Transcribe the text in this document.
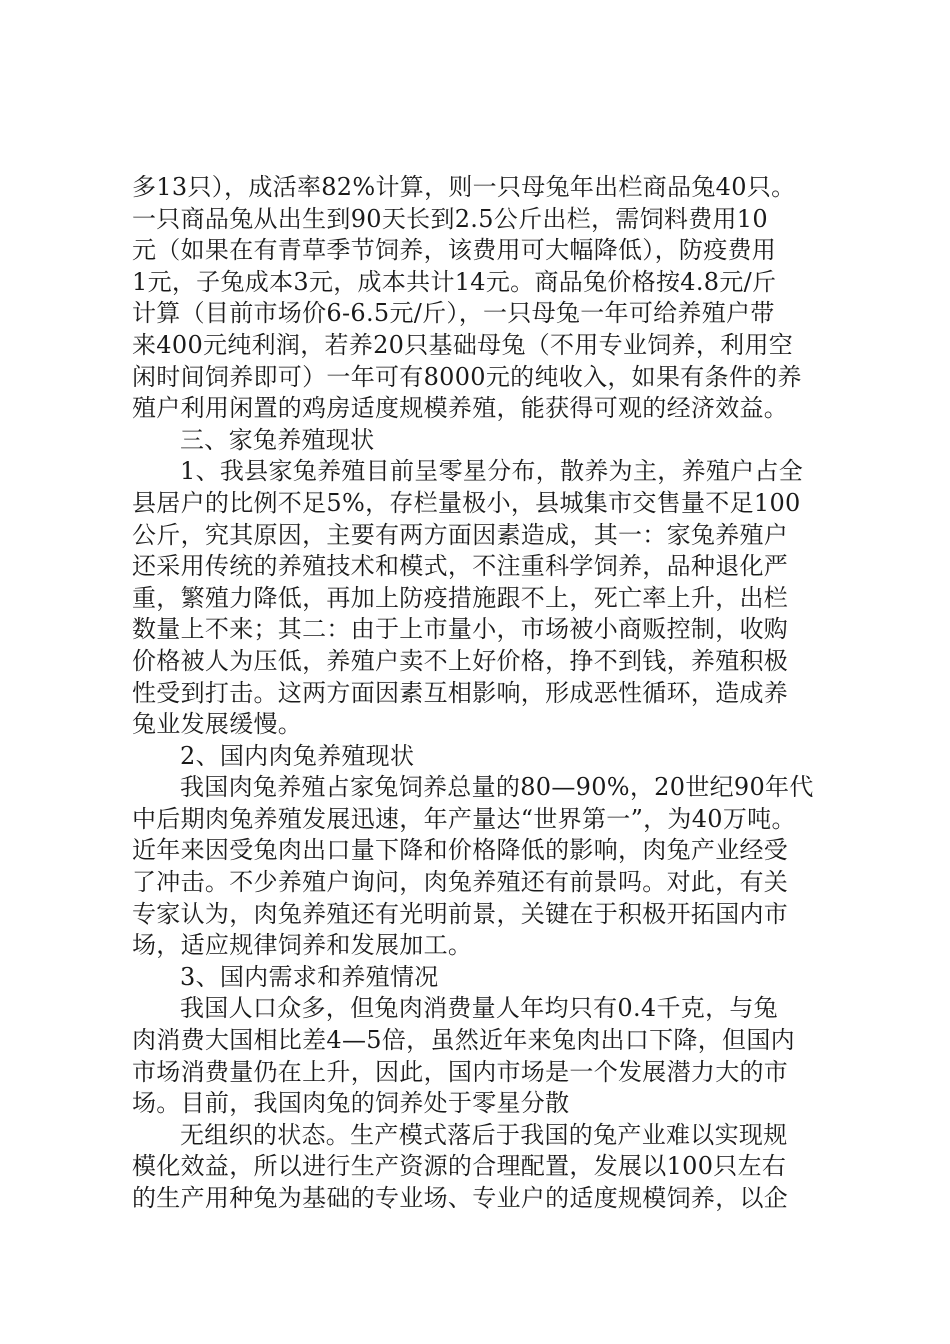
多13只），成活率82%计算，则一只母兔年出栏商品兔40只。
一只商品兔从出生到90天长到2.5公斤出栏，需饲料费用10
元（如果在有青草季节饲养，该费用可大幅降低），防疫费用
1元，子兔成本3元，成本共计14元。商品兔价格按4.8元/斤
计算（目前市场价6-6.5元/斤），一只母兔一年可给养殖户带
来400元纯利润，若养20只基础母兔（不用专业饲养，利用空
闲时间饲养即可）一年可有8000元的纯收入，如果有条件的养
殖户利用闲置的鸡房适度规模养殖，能获得可观的经济效益。
三、家兔养殖现状
1、我县家兔养殖目前呈零星分布，散养为主，养殖户占全
县居户的比例不足5%，存栏量极小，县城集市交售量不足100
公斤，究其原因，主要有两方面因素造成，其一：家兔养殖户
还采用传统的养殖技术和模式，不注重科学饲养，品种退化严
重，繁殖力降低，再加上防疫措施跟不上，死亡率上升，出栏
数量上不来；其二：由于上市量小，市场被小商贩控制，收购
价格被人为压低，养殖户卖不上好价格，挣不到钱，养殖积极
性受到打击。这两方面因素互相影响，形成恶性循环，造成养
兔业发展缓慢。
2、国内肉兔养殖现状
我国肉兔养殖占家兔饲养总量的80—90%，20世纪90年代
中后期肉兔养殖发展迅速，年产量达“世界第一”，为40万吨。
近年来因受兔肉出口量下降和价格降低的影响，肉兔产业经受
了冲击。不少养殖户询问，肉兔养殖还有前景吗。对此，有关
专家认为，肉兔养殖还有光明前景，关键在于积极开拓国内市
场，适应规律饲养和发展加工。
3、国内需求和养殖情况
我国人口众多，但兔肉消费量人年均只有0.4千克，与兔
肉消费大国相比差4—5倍，虽然近年来兔肉出口下降，但国内
市场消费量仍在上升，因此，国内市场是一个发展潜力大的市
场。目前，我国肉兔的饲养处于零星分散
无组织的状态。生产模式落后于我国的兔产业难以实现规
模化效益，所以进行生产资源的合理配置，发展以100只左右
的生产用种兔为基础的专业场、专业户的适度规模饲养，以企
